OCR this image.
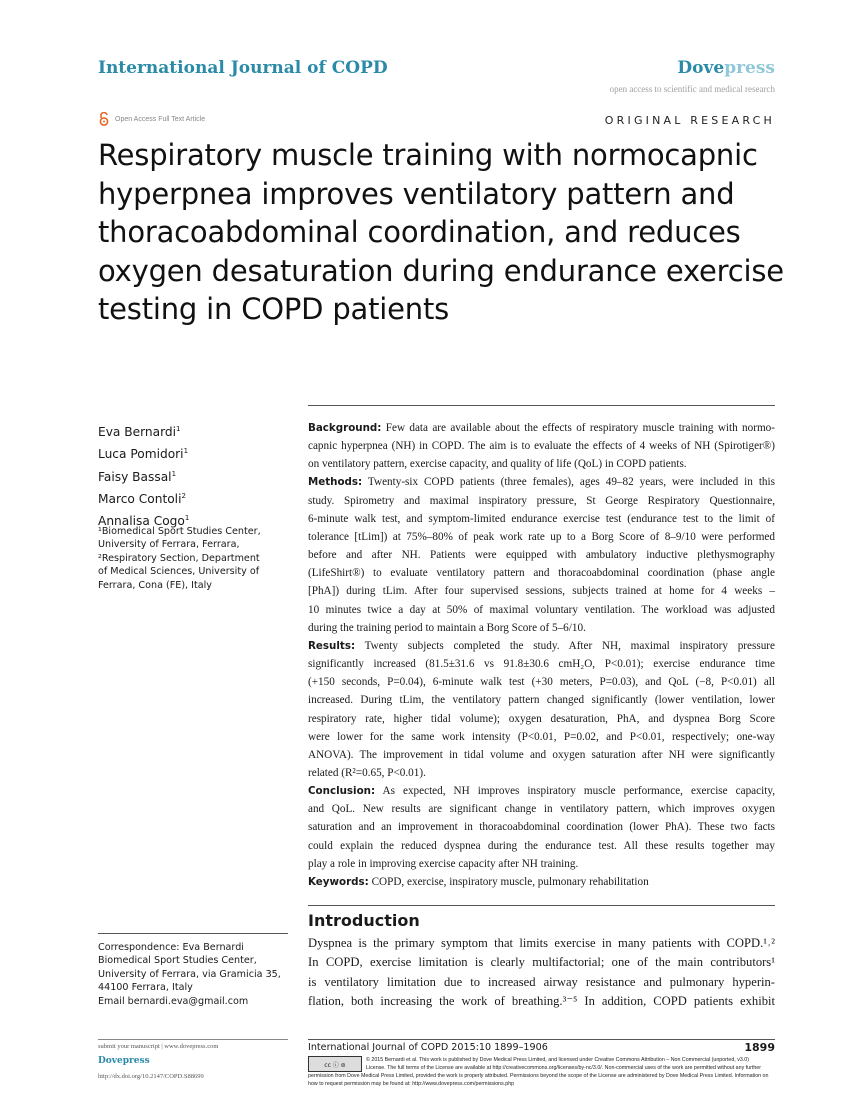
International Journal of COPD	Dovepress
open access to scientific and medical research
Open Access Full Text Article	ORIGINAL RESEARCH
Respiratory muscle training with normocapnic
hyperpnea improves ventilatory pattern and
thoracoabdominal coordination, and reduces
oxygen desaturation during endurance exercise
testing in COPD patients
Eva Bernardi$^1$
Luca Pomidori$^1$
Faisy Bassal$^1$
Marco Contoli$^2$
Annalisa Cogo$^1$
¹Biomedical Sport Studies Center,
University of Ferrara, Ferrara,
²Respiratory Section, Department
of Medical Sciences, University of
Ferrara, Cona (FE), Italy
Correspondence: Eva Bernardi
Biomedical Sport Studies Center,
University of Ferrara, via Gramicia 35,
44100 Ferrara, Italy
Email bernardi.eva@gmail.com
Background: Few data are available about the effects of respiratory muscle training with normo-
capnic hyperpnea (NH) in COPD. The aim is to evaluate the effects of 4 weeks of NH (Spirotiger®)
on ventilatory pattern, exercise capacity, and quality of life (QoL) in COPD patients.
Methods: Twenty-six COPD patients (three females), ages 49–82 years, were included in this
study. Spirometry and maximal inspiratory pressure, St George Respiratory Questionnaire,
6-minute walk test, and symptom-limited endurance exercise test (endurance test to the limit of
tolerance [tLim]) at 75%–80% of peak work rate up to a Borg Score of 8–9/10 were performed
before and after NH. Patients were equipped with ambulatory inductive plethysmography
(LifeShirt®) to evaluate ventilatory pattern and thoracoabdominal coordination (phase angle
[PhA]) during tLim. After four supervised sessions, subjects trained at home for 4 weeks –
10 minutes twice a day at 50% of maximal voluntary ventilation. The workload was adjusted
during the training period to maintain a Borg Score of 5–6/10.
Results: Twenty subjects completed the study. After NH, maximal inspiratory pressure
significantly increased (81.5±31.6 vs 91.8±30.6 cmH₂O, P<0.01); exercise endurance time
(+150 seconds, P=0.04), 6-minute walk test (+30 meters, P=0.03), and QoL (−8, P<0.01) all
increased. During tLim, the ventilatory pattern changed significantly (lower ventilation, lower
respiratory rate, higher tidal volume); oxygen desaturation, PhA, and dyspnea Borg Score
were lower for the same work intensity (P<0.01, P=0.02, and P<0.01, respectively; one-way
ANOVA). The improvement in tidal volume and oxygen saturation after NH were significantly
related (R²=0.65, P<0.01).
Conclusion: As expected, NH improves inspiratory muscle performance, exercise capacity,
and QoL. New results are significant change in ventilatory pattern, which improves oxygen
saturation and an improvement in thoracoabdominal coordination (lower PhA). These two facts
could explain the reduced dyspnea during the endurance test. All these results together may
play a role in improving exercise capacity after NH training.
Keywords: COPD, exercise, inspiratory muscle, pulmonary rehabilitation
Introduction
Dyspnea is the primary symptom that limits exercise in many patients with COPD.¹˒²
In COPD, exercise limitation is clearly multifactorial; one of the main contributors¹
is ventilatory limitation due to increased airway resistance and pulmonary hyperin-
flation, both increasing the work of breathing.³⁻⁵ In addition, COPD patients exhibit
submit your manuscript | www.dovepress.com
Dovepress
http://dx.doi.org/10.2147/COPD.S88699
International Journal of COPD 2015:10 1899–1906	1899
cc ⓘ ⊜
© 2015 Bernardi et al. This work is published by Dove Medical Press Limited, and licensed under Creative Commons Attribution – Non Commercial (unported, v3.0)
License. The full terms of the License are available at http://creativecommons.org/licenses/by-nc/3.0/. Non-commercial uses of the work are permitted without any further
permission from Dove Medical Press Limited, provided the work is properly attributed. Permissions beyond the scope of the License are administered by Dove Medical Press Limited. Information on
how to request permission may be found at: http://www.dovepress.com/permissions.php
